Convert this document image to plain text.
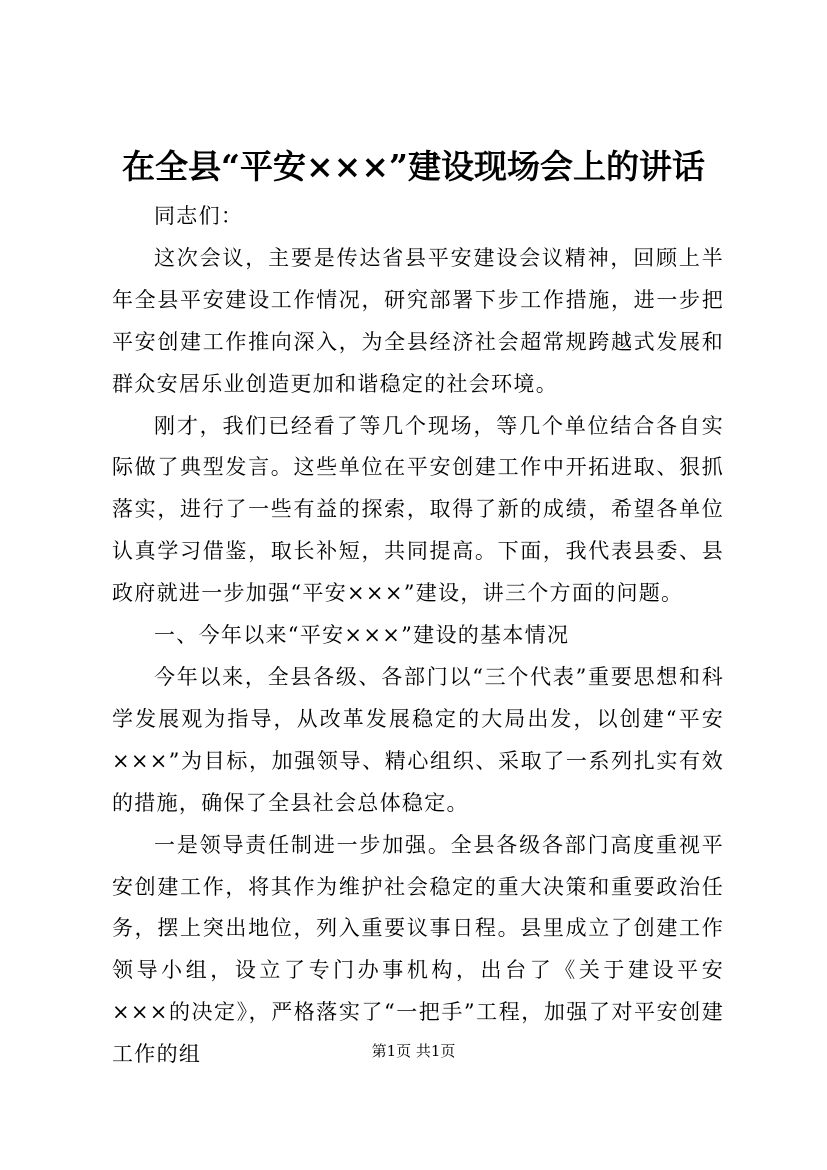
在全县“平安×××”建设现场会上的讲话

同志们：

这次会议，主要是传达省县平安建设会议精神，回顾上半年全县平安建设工作情况，研究部署下步工作措施，进一步把平安创建工作推向深入，为全县经济社会超常规跨越式发展和群众安居乐业创造更加和谐稳定的社会环境。

刚才，我们已经看了等几个现场，等几个单位结合各自实际做了典型发言。这些单位在平安创建工作中开拓进取、狠抓落实，进行了一些有益的探索，取得了新的成绩，希望各单位认真学习借鉴，取长补短，共同提高。下面，我代表县委、县政府就进一步加强“平安×××”建设，讲三个方面的问题。

一、今年以来“平安×××”建设的基本情况

今年以来，全县各级、各部门以“三个代表”重要思想和科学发展观为指导，从改革发展稳定的大局出发，以创建“平安×××”为目标，加强领导、精心组织、采取了一系列扎实有效的措施，确保了全县社会总体稳定。

一是领导责任制进一步加强。全县各级各部门高度重视平安创建工作，将其作为维护社会稳定的重大决策和重要政治任务，摆上突出地位，列入重要议事日程。县里成立了创建工作领导小组，设立了专门办事机构，出台了《关于建设平安×××的决定》，严格落实了“一把手”工程，加强了对平安创建工作的组	第1页 共1页
